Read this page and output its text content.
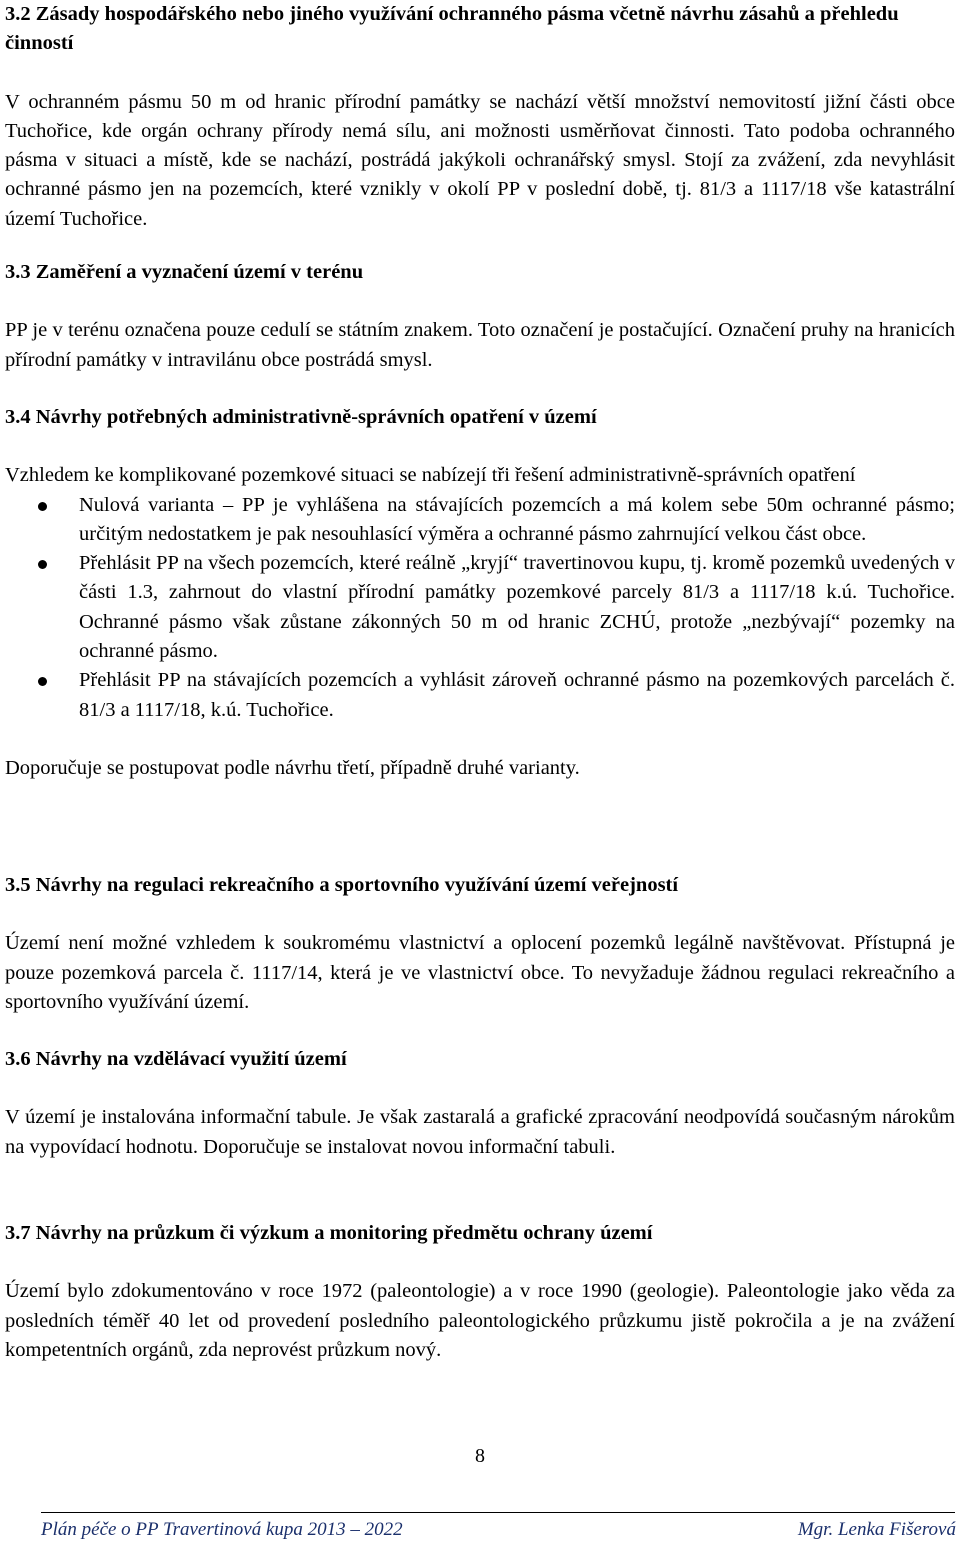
3.2 Zásady hospodářského nebo jiného využívání ochranného pásma včetně návrhu zásahů a přehledu činností

V ochranném pásmu 50 m od hranic přírodní památky se nachází větší množství nemovitostí jižní části obce Tuchořice, kde orgán ochrany přírody nemá sílu, ani možnosti usměrňovat činnosti. Tato podoba ochranného pásma v situaci a místě, kde se nachází, postrádá jakýkoli ochranářský smysl. Stojí za zvážení, zda nevyhlásit ochranné pásmo jen na pozemcích, které vznikly v okolí PP v poslední době, tj. 81/3 a 1117/18 vše katastrální území Tuchořice.

3.3 Zaměření a vyznačení území v terénu

PP je v terénu označena pouze cedulí se státním znakem. Toto označení je postačující. Označení pruhy na hranicích přírodní památky v intravilánu obce postrádá smysl.

3.4 Návrhy potřebných administrativně-správních opatření v území

Vzhledem ke komplikované pozemkové situaci se nabízejí tři řešení administrativně-správních opatření

Nulová varianta – PP je vyhlášena na stávajících pozemcích a má kolem sebe 50m ochranné pásmo; určitým nedostatkem je pak nesouhlasící výměra a ochranné pásmo zahrnující velkou část obce.
Přehlásit PP na všech pozemcích, které reálně „kryjí“ travertinovou kupu, tj. kromě pozemků uvedených v části 1.3, zahrnout do vlastní přírodní památky pozemkové parcely 81/3 a 1117/18 k.ú. Tuchořice. Ochranné pásmo však zůstane zákonných 50 m od hranic ZCHÚ, protože „nezbývají“ pozemky na ochranné pásmo.
Přehlásit PP na stávajících pozemcích a vyhlásit zároveň ochranné pásmo na pozemkových parcelách č. 81/3 a 1117/18, k.ú. Tuchořice.

Doporučuje se postupovat podle návrhu třetí, případně druhé varianty.

3.5 Návrhy na regulaci rekreačního a sportovního využívání území veřejností

Území není možné vzhledem k soukromému vlastnictví a oplocení pozemků legálně navštěvovat. Přístupná je pouze pozemková parcela č. 1117/14, která je ve vlastnictví obce. To nevyžaduje žádnou regulaci rekreačního a sportovního využívání území.

3.6 Návrhy na vzdělávací využití území

V území je instalována informační tabule. Je však zastaralá a grafické zpracování neodpovídá současným nárokům na vypovídací hodnotu. Doporučuje se instalovat novou informační tabuli.

3.7 Návrhy na průzkum či výzkum a monitoring předmětu ochrany území

Území bylo zdokumentováno v roce 1972 (paleontologie) a v roce 1990 (geologie). Paleontologie jako věda za posledních téměř 40 let od provedení posledního paleontologického průzkumu jistě pokročila a je na zvážení kompetentních orgánů, zda neprovést průzkum nový.

8
Plán péče o PP Travertinová kupa 2013 – 2022	Mgr. Lenka Fišerová
